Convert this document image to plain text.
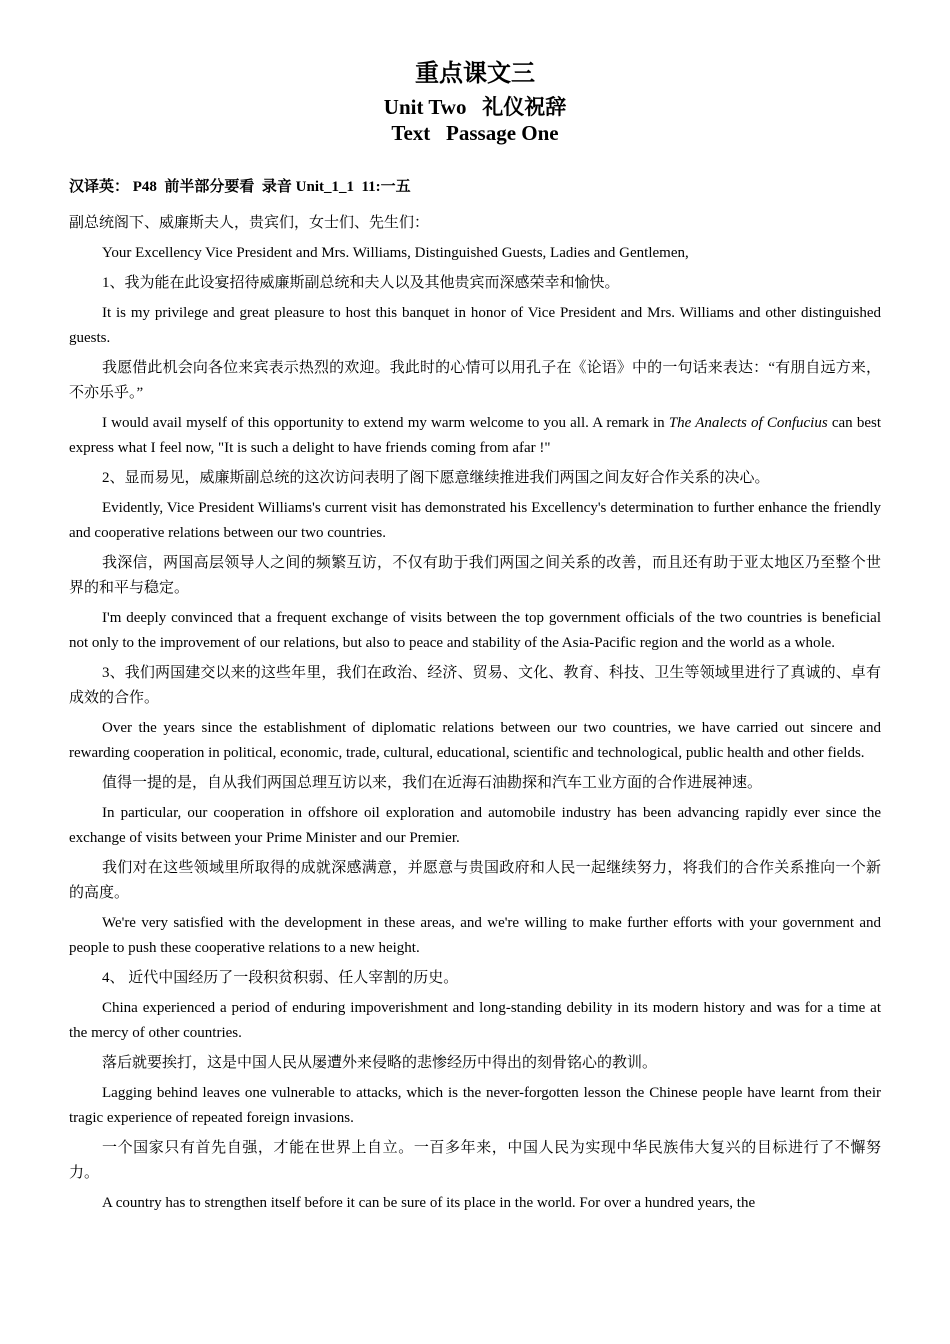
重点课文三
Unit Two   礼仪祝辞
Text   Passage One
汉译英： P48  前半部分要看  录音 Unit_1_1  11:一五

副总统阁下、威廉斯夫人，贵宾们，女士们、先生们：

Your Excellency Vice President and Mrs. Williams, Distinguished Guests, Ladies and Gentlemen,

1、我为能在此设宴招待威廉斯副总统和夫人以及其他贵宾而深感荣幸和愉快。

It is my privilege and great pleasure to host this banquet in honor of Vice President and Mrs. Williams and other distinguished guests.

我愿借此机会向各位来宾表示热烈的欢迎。我此时的心情可以用孔子在《论语》中的一句话来表达：“有朋自远方来，不亦乐乎。”

I would avail myself of this opportunity to extend my warm welcome to you all. A remark in The Analects of Confucius can best express what I feel now, "It is such a delight to have friends coming from afar !"

2、显而易见，威廉斯副总统的这次访问表明了阁下愿意继续推进我们两国之间友好合作关系的决心。

Evidently, Vice President Williams's current visit has demonstrated his Excellency's determination to further enhance the friendly and cooperative relations between our two countries.

我深信，两国高层领导人之间的频繁互访，不仅有助于我们两国之间关系的改善，而且还有助于亚太地区乃至整个世界的和平与稳定。

I'm deeply convinced that a frequent exchange of visits between the top government officials of the two countries is beneficial not only to the improvement of our relations, but also to peace and stability of the Asia-Pacific region and the world as a whole.

3、我们两国建交以来的这些年里，我们在政治、经济、贸易、文化、教育、科技、卫生等领域里进行了真诚的、卓有成效的合作。

Over the years since the establishment of diplomatic relations between our two countries, we have carried out sincere and rewarding cooperation in political, economic, trade, cultural, educational, scientific and technological, public health and other fields.

值得一提的是，自从我们两国总理互访以来，我们在近海石油勘探和汽车工业方面的合作进展神速。

In particular, our cooperation in offshore oil exploration and automobile industry has been advancing rapidly ever since the exchange of visits between your Prime Minister and our Premier.

我们对在这些领域里所取得的成就深感满意，并愿意与贵国政府和人民一起继续努力，将我们的合作关系推向一个新的高度。

We're very satisfied with the development in these areas, and we're willing to make further efforts with your government and people to push these cooperative relations to a new height.

4、 近代中国经历了一段积贫积弱、任人宰割的历史。

China experienced a period of enduring impoverishment and long-standing debility in its modern history and was for a time at the mercy of other countries.

落后就要挨打，这是中国人民从屡遭外来侵略的悲惨经历中得出的刻骨铭心的教训。

Lagging behind leaves one vulnerable to attacks, which is the never-forgotten lesson the Chinese people have learnt from their tragic experience of repeated foreign invasions.

一个国家只有首先自强，才能在世界上自立。一百多年来，中国人民为实现中华民族伟大复兴的目标进行了不懈努力。

A country has to strengthen itself before it can be sure of its place in the world. For over a hundred years, the
